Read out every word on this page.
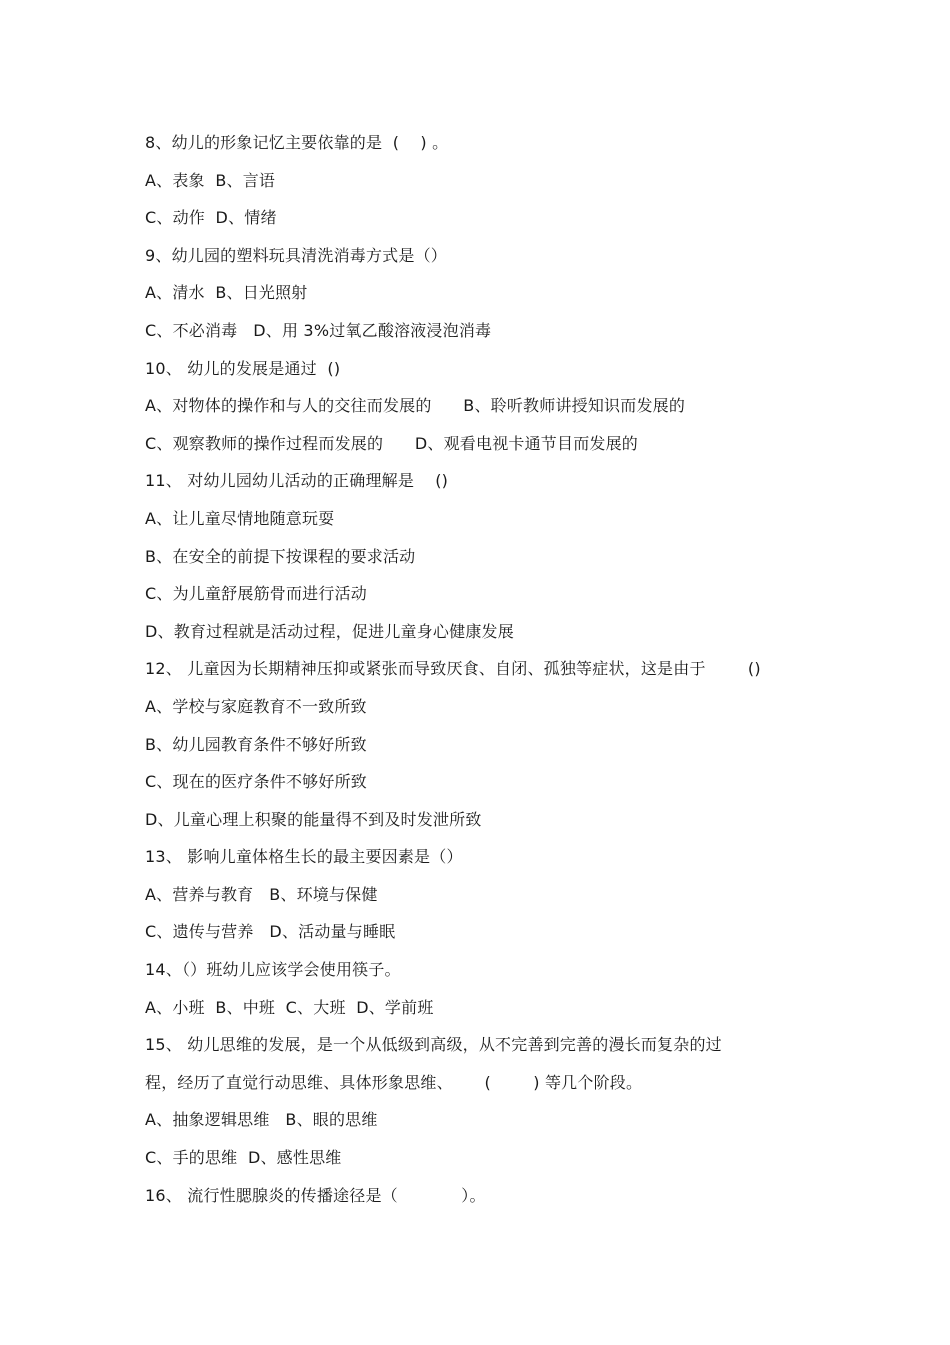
8、幼儿的形象记忆主要依靠的是  (    ) 。
A、表象  B、言语
C、动作  D、情绪
9、幼儿园的塑料玩具清洗消毒方式是（）
A、清水  B、日光照射
C、不必消毒   D、用 3%过氧乙酸溶液浸泡消毒
10、 幼儿的发展是通过  ()
A、对物体的操作和与人的交往而发展的      B、聆听教师讲授知识而发展的
C、观察教师的操作过程而发展的      D、观看电视卡通节目而发展的
11、 对幼儿园幼儿活动的正确理解是    ()
A、让儿童尽情地随意玩耍
B、在安全的前提下按课程的要求活动
C、为儿童舒展筋骨而进行活动
D、教育过程就是活动过程，促进儿童身心健康发展
12、 儿童因为长期精神压抑或紧张而导致厌食、自闭、孤独等症状，这是由于        ()
A、学校与家庭教育不一致所致
B、幼儿园教育条件不够好所致
C、现在的医疗条件不够好所致
D、儿童心理上积聚的能量得不到及时发泄所致
13、 影响儿童体格生长的最主要因素是（）
A、营养与教育   B、环境与保健
C、遗传与营养   D、活动量与睡眠
14、（）班幼儿应该学会使用筷子。
A、小班  B、中班  C、大班  D、学前班
15、 幼儿思维的发展，是一个从低级到高级，从不完善到完善的漫长而复杂的过
程，经历了直觉行动思维、具体形象思维、      (        ) 等几个阶段。
A、抽象逻辑思维   B、眼的思维
C、手的思维  D、感性思维
16、 流行性腮腺炎的传播途径是（            ）。
